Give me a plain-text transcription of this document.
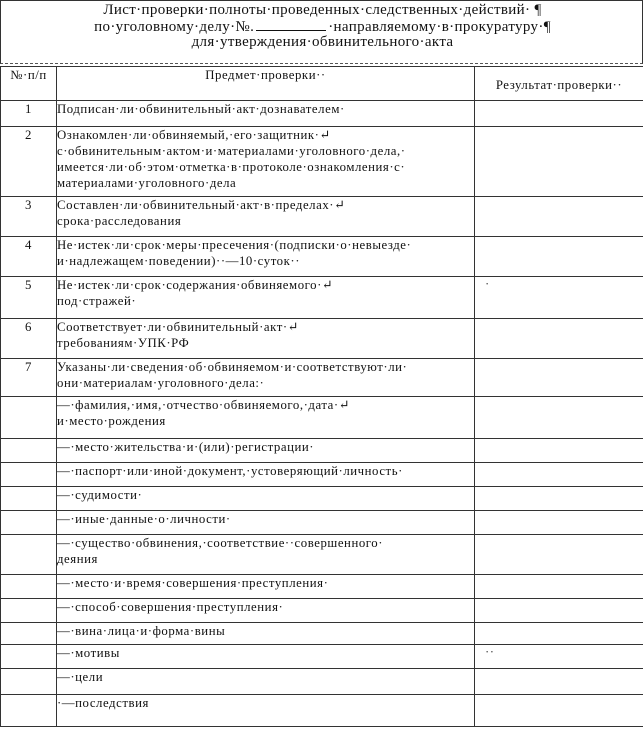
Лист·проверки·полноты·проведенных·следственных·действий· ¶
по·уголовному·делу·№.	·направляемому·в·прокуратуру·¶
для·утверждения·обвинительного·акта
№·п/п	Предмет·проверки··	Результат·проверки··
1	Подписан·ли·обвинительный·акт·дознавателем·	

2	Ознакомлен·ли·обвиняемый,·его·защитник·↵
с·обвинительным·актом·и·материалами·уголовного·дела,·
имеется·ли·об·этом·отметка·в·протоколе·ознакомления·с·
материалами·уголовного·дела	

3	Составлен·ли·обвинительный·акт·в·пределах·↵
срока·расследования	

4	Не·истек·ли·срок·меры·пресечения·(подписки·о·невыезде·
и·надлежащем·поведении)··—10·суток··	

5	Не·истек·ли·срок·содержания·обвиняемого·↵
под·стражей·	·

6	Соответствует·ли·обвинительный·акт·↵
требованиям·УПК·РФ	

7	Указаны·ли·сведения·об·обвиняемом·и·соответствуют·ли·
они·материалам·уголовного·дела:·	

	—·фамилия,·имя,·отчество·обвиняемого,·дата·↵
и·место·рождения	

	—·место·жительства·и·(или)·регистрации·	

	—·паспорт·или·иной·документ,·устоверяющий·личность·	

	—·судимости·	

	—·иные·данные·о·личности·	

	—·существо·обвинения,·соответствие··совершенного·
деяния	

	—·место·и·время·совершения·преступления·	

	—·способ·совершения·преступления·	

	—·вина·лица·и·форма·вины	

	—·мотивы	··

	—·цели	

	·—последствия	
